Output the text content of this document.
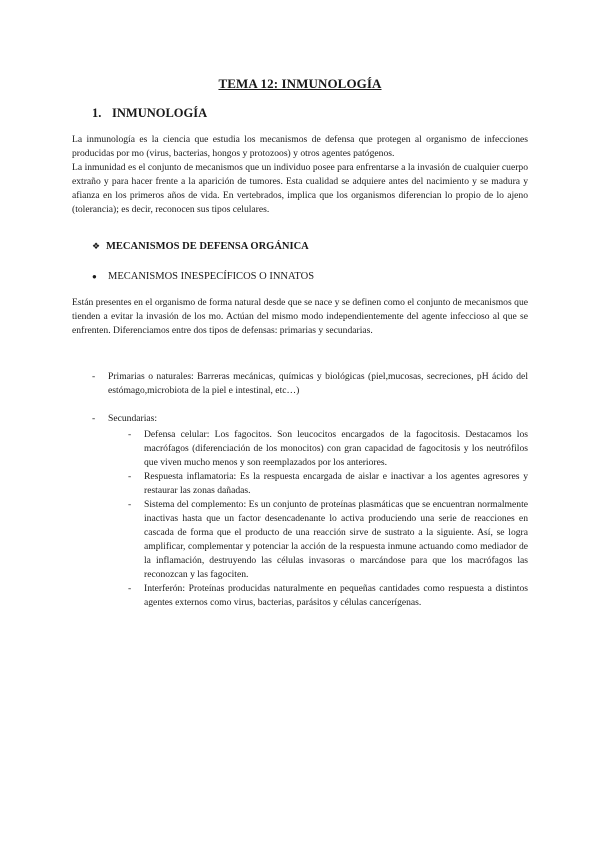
TEMA 12: INMUNOLOGÍA
1. INMUNOLOGÍA
La inmunología es la ciencia que estudia los mecanismos de defensa que protegen al organismo de infecciones producidas por mo (virus, bacterias, hongos y protozoos) y otros agentes patógenos.
La inmunidad es el conjunto de mecanismos que un individuo posee para enfrentarse a la invasión de cualquier cuerpo extraño y para hacer frente a la aparición de tumores. Esta cualidad se adquiere antes del nacimiento y se madura y afianza en los primeros años de vida. En vertebrados, implica que los organismos diferencian lo propio de lo ajeno (tolerancia); es decir, reconocen sus tipos celulares.
❖ MECANISMOS DE DEFENSA ORGÁNICA
● MECANISMOS INESPECÍFICOS O INNATOS
Están presentes en el organismo de forma natural desde que se nace y se definen como el conjunto de mecanismos que tienden a evitar la invasión de los mo. Actúan del mismo modo independientemente del agente infeccioso al que se enfrenten. Diferenciamos entre dos tipos de defensas: primarias y secundarias.
- Primarias o naturales: Barreras mecánicas, químicas y biológicas (piel,mucosas, secreciones, pH ácido del estómago,microbiota de la piel e intestinal, etc…)
- Secundarias:
- Defensa celular: Los fagocitos. Son leucocitos encargados de la fagocitosis. Destacamos los macrófagos (diferenciación de los monocitos) con gran capacidad de fagocitosis y los neutrófilos que viven mucho menos y son reemplazados por los anteriores.
- Respuesta inflamatoria: Es la respuesta encargada de aislar e inactivar a los agentes agresores y restaurar las zonas dañadas.
- Sistema del complemento: Es un conjunto de proteínas plasmáticas que se encuentran normalmente inactivas hasta que un factor desencadenante lo activa produciendo una serie de reacciones en cascada de forma que el producto de una reacción sirve de sustrato a la siguiente. Así, se logra amplificar, complementar y potenciar la acción de la respuesta inmune actuando como mediador de la inflamación, destruyendo las células invasoras o marcándose para que los macrófagos las reconozcan y las fagociten.
- Interferón: Proteínas producidas naturalmente en pequeñas cantidades como respuesta a distintos agentes externos como virus, bacterias, parásitos y células cancerígenas.
